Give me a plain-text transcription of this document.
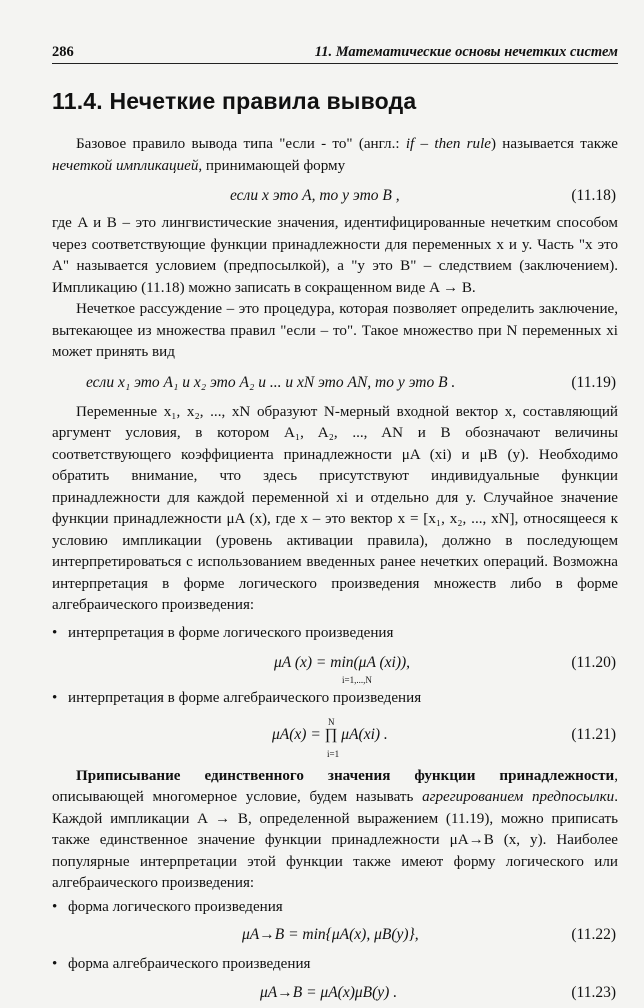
286	11. Математические основы нечетких систем
11.4. Нечеткие правила вывода

Базовое правило вывода типа "если - то" (англ.: if – then rule) называется также нечеткой импликацией, принимающей форму

если x это A, то y это B ,	(11.18)

где A и B – это лингвистические значения, идентифицированные нечетким способом через соответствующие функции принадлежности для переменных x и y. Часть "x это A" называется условием (предпосылкой), а "y это B" – следствием (заключением). Импликацию (11.18) можно записать в сокращенном виде A → B.

Нечеткое рассуждение – это процедура, которая позволяет определить заключение, вытекающее из множества правил "если – то". Такое множество при N переменных xi может принять вид

если x₁ это A₁ и x₂ это A₂ и ... и xN это AN, то y это B .	(11.19)

Переменные x₁, x₂, ..., xN образуют N-мерный входной вектор x, составляющий аргумент условия, в котором A₁, A₂, ..., AN и B обозначают величины соответствующего коэффициента принадлежности μA (xi) и μB (y). Необходимо обратить внимание, что здесь присутствуют индивидуальные функции принадлежности для каждой переменной xi и отдельно для y. Случайное значение функции принадлежности μA (x), где x – это вектор x = [x₁, x₂, ..., xN], относящееся к условию импликации (уровень активации правила), должно в последующем интерпретироваться с использованием введенных ранее нечетких операций. Возможна интерпретация в форме логического произведения множеств либо в форме алгебраического произведения:

• интерпретация в форме логического произведения

μA (x) = min(μA (xi)),
i=1,...,N
(11.20)

• интерпретация в форме алгебраического произведения

N
μA(x) = ∏ μA(xi) .
i=1
(11.21)

Приписывание единственного значения функции принадлежности, описывающей многомерное условие, будем называть агрегированием предпосылки. Каждой импликации A → B, определенной выражением (11.19), можно приписать также единственное значение функции принадлежности μA→B (x, y). Наиболее популярные интерпретации этой функции также имеют форму логического или алгебраического произведения:

• форма логического произведения

μA→B = min{μA(x), μB(y)},	(11.22)

• форма алгебраического произведения

μA→B = μA(x)μB(y) .	(11.23)
